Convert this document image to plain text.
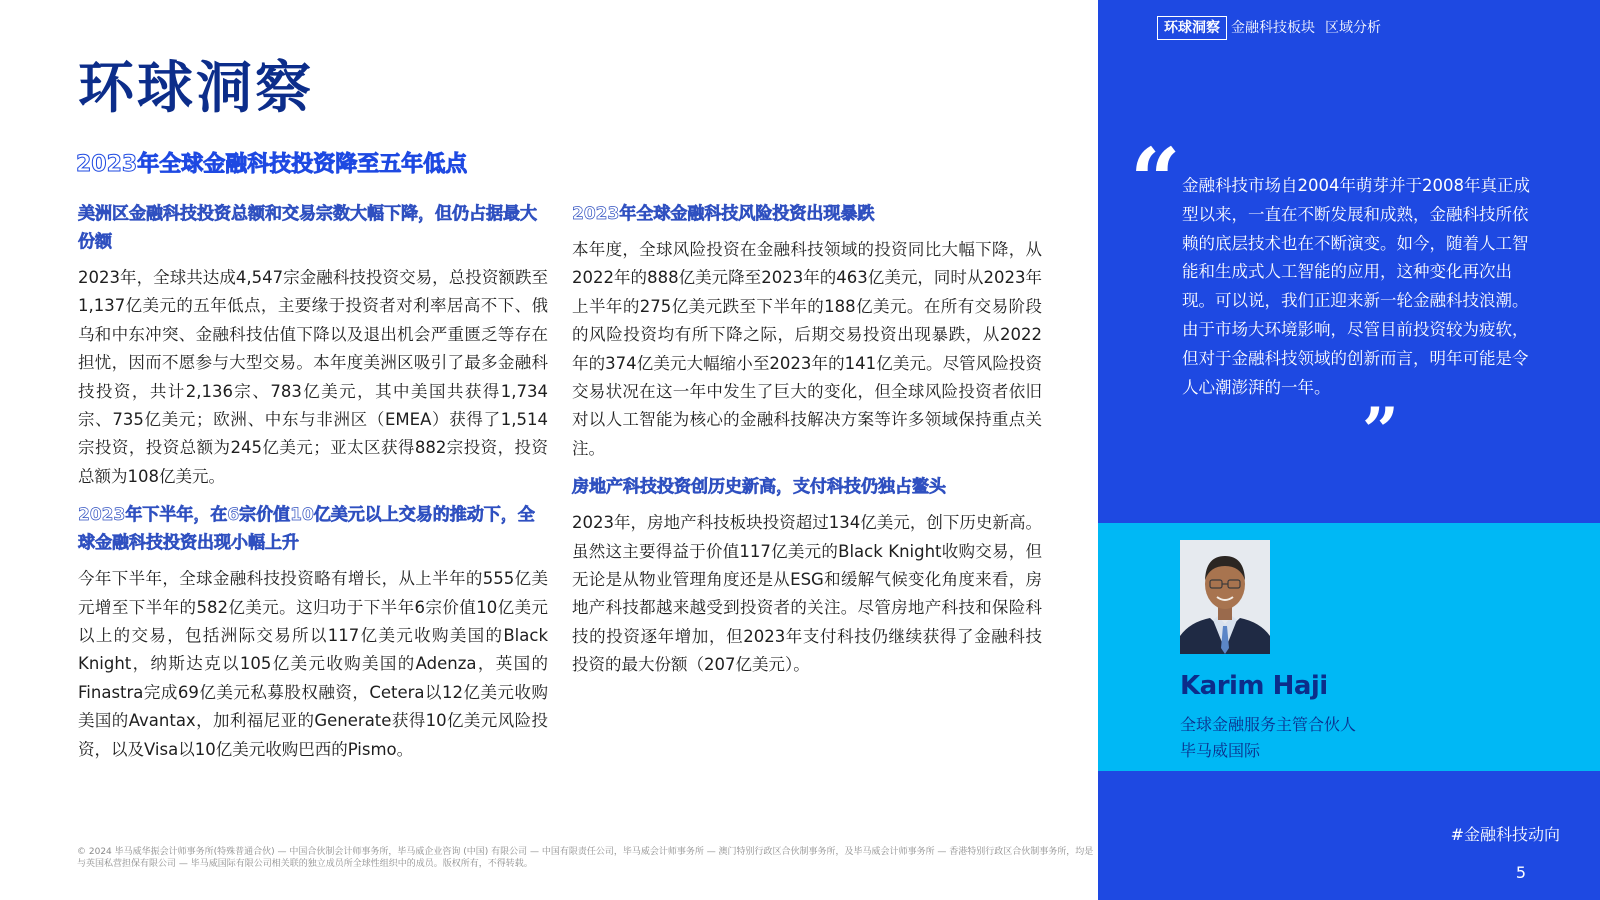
环球洞察
2023年全球金融科技投资降至五年低点
美洲区金融科技投资总额和交易宗数大幅下降，但仍占据最大份额

2023年，全球共达成4,547宗金融科技投资交易，总投资额跌至1,137亿美元的五年低点，主要缘于投资者对利率居高不下、俄乌和中东冲突、金融科技估值下降以及退出机会严重匮乏等存在担忧，因而不愿参与大型交易。本年度美洲区吸引了最多金融科技投资，共计2,136宗、783亿美元，其中美国共获得1,734宗、735亿美元；欧洲、中东与非洲区（EMEA）获得了1,514宗投资，投资总额为245亿美元；亚太区获得882宗投资，投资总额为108亿美元。

2023年下半年，在6宗价值10亿美元以上交易的推动下，全球金融科技投资出现小幅上升

今年下半年，全球金融科技投资略有增长，从上半年的555亿美元增至下半年的582亿美元。这归功于下半年6宗价值10亿美元以上的交易，包括洲际交易所以117亿美元收购美国的Black Knight，纳斯达克以105亿美元收购美国的Adenza，英国的Finastra完成69亿美元私募股权融资，Cetera以12亿美元收购美国的Avantax，加利福尼亚的Generate获得10亿美元风险投资，以及Visa以10亿美元收购巴西的Pismo。

2023年全球金融科技风险投资出现暴跌

本年度，全球风险投资在金融科技领域的投资同比大幅下降，从2022年的888亿美元降至2023年的463亿美元，同时从2023年上半年的275亿美元跌至下半年的188亿美元。在所有交易阶段的风险投资均有所下降之际，后期交易投资出现暴跌，从2022年的374亿美元大幅缩小至2023年的141亿美元。尽管风险投资交易状况在这一年中发生了巨大的变化，但全球风险投资者依旧对以人工智能为核心的金融科技解决方案等许多领域保持重点关注。

房地产科技投资创历史新高，支付科技仍独占鳌头

2023年，房地产科技板块投资超过134亿美元，创下历史新高。虽然这主要得益于价值117亿美元的Black Knight收购交易，但无论是从物业管理角度还是从ESG和缓解气候变化角度来看，房地产科技都越来越受到投资者的关注。尽管房地产科技和保险科技的投资逐年增加，但2023年支付科技仍继续获得了金融科技投资的最大份额（207亿美元）。

© 2024 毕马威华振会计师事务所(特殊普通合伙) — 中国合伙制会计师事务所，毕马威企业咨询 (中国) 有限公司 — 中国有限责任公司，毕马威会计师事务所 — 澳门特别行政区合伙制事务所，及毕马威会计师事务所 — 香港特别行政区合伙制事务所，均是与英国私营担保有限公司 — 毕马威国际有限公司相关联的独立成员所全球性组织中的成员。版权所有，不得转载。

环球洞察 金融科技板块 区域分析
“ 金融科技市场自2004年萌芽并于2008年真正成型以来，一直在不断发展和成熟，金融科技所依赖的底层技术也在不断演变。如今，随着人工智能和生成式人工智能的应用，这种变化再次出现。可以说，我们正迎来新一轮金融科技浪潮。由于市场大环境影响，尽管目前投资较为疲软，但对于金融科技领域的创新而言，明年可能是令人心潮澎湃的一年。

”
Karim Haji
全球金融服务主管合伙人
毕马威国际
#金融科技动向
5
